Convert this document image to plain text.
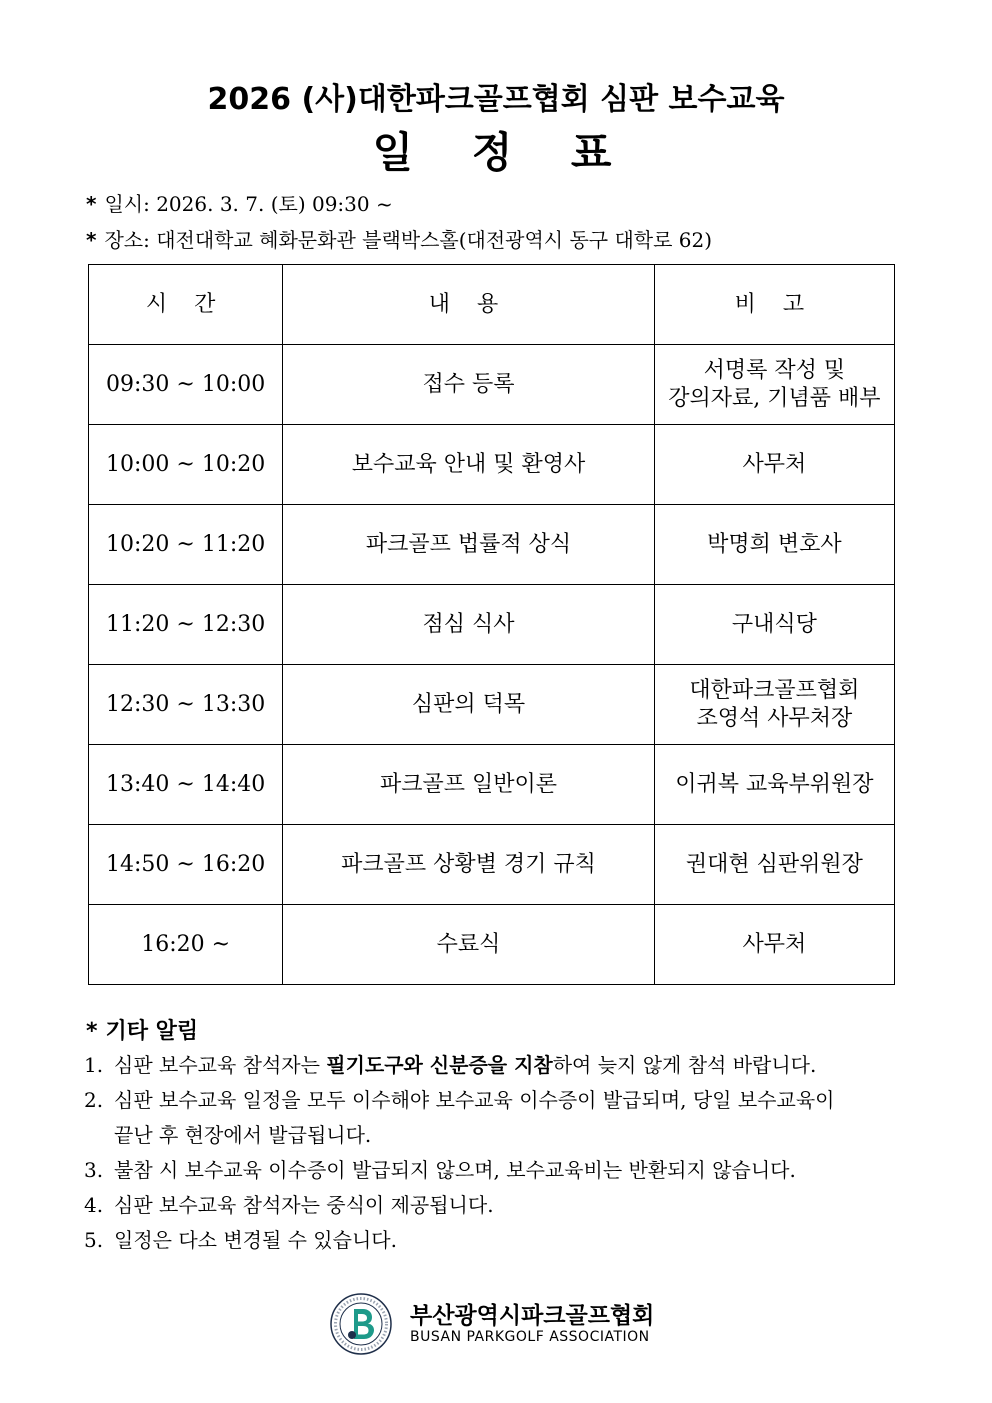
2026 (사)대한파크골프협회 심판 보수교육
일 정 표
* 일시: 2026. 3. 7. (토) 09:30 ~
* 장소: 대전대학교 혜화문화관 블랙박스홀(대전광역시 동구 대학로 62)
시 간	내 용	비 고
09:30 ~ 10:00	접수 등록	서명록 작성 및
강의자료, 기념품 배부

10:00 ~ 10:20	보수교육 안내 및 환영사	사무처

10:20 ~ 11:20	파크골프 법률적 상식	박명희 변호사

11:20 ~ 12:30	점심 식사	구내식당

12:30 ~ 13:30	심판의 덕목	대한파크골프협회
조영석 사무처장

13:40 ~ 14:40	파크골프 일반이론	이귀복 교육부위원장

14:50 ~ 16:20	파크골프 상황별 경기 규칙	권대현 심판위원장

16:20 ~	수료식	사무처
* 기타 알림
1. 심판 보수교육 참석자는 필기도구와 신분증을 지참하여 늦지 않게 참석 바랍니다.
2. 심판 보수교육 일정을 모두 이수해야 보수교육 이수증이 발급되며, 당일 보수교육이
끝난 후 현장에서 발급됩니다.
3. 불참 시 보수교육 이수증이 발급되지 않으며, 보수교육비는 반환되지 않습니다.
4. 심판 보수교육 참석자는 중식이 제공됩니다.
5. 일정은 다소 변경될 수 있습니다.
부산광역시파크골프협회
BUSAN PARKGOLF ASSOCIATION
